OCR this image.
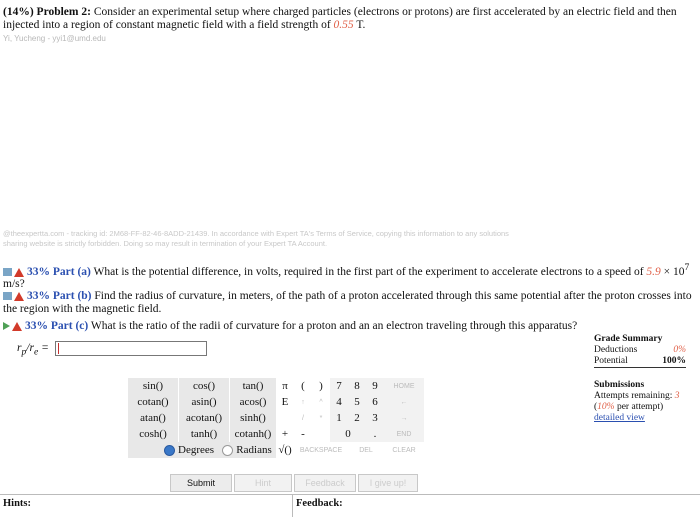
(14%) Problem 2: Consider an experimental setup where charged particles (electrons or protons) are first accelerated by an electric field and then injected into a region of constant magnetic field with a field strength of 0.55 T.
Yi, Yucheng - yyi1@umd.edu
@theexpertta.com - tracking id: 2M68-FF-82-46-8ADD-21439. In accordance with Expert TA's Terms of Service, copying this information to any solutions
sharing website is strictly forbidden. Doing so may result in termination of your Expert TA Account.
33% Part (a) What is the potential difference, in volts, required in the first part of the experiment to accelerate electrons to a speed of $5.9 \times 10^7$
m/s?
33% Part (b) Find the radius of curvature, in meters, of the path of a proton accelerated through this same potential after the proton crosses into the region with the magnetic field.
33% Part (c) What is the ratio of the radii of curvature for a proton and an an electron traveling through this apparatus?
$r_p/r_e$ =
Grade Summary
Deductions	0%
Potential	100%
Submissions
Attempts remaining: 3
(10% per attempt)
detailed view
sin()	cos()	tan()	π	(	)	7	8	9	HOME
cotan()	asin()	acos()	E	↑	^	4	5	6	←
atan()	acotan()	sinh()		/	*	1	2	3	→
cosh()	tanh()	cotanh()	+	-		0		.	END
Degrees Radians			√()	BACKSPACE			DEL		CLEAR
Submit	Hint	Feedback	I give up!
Hints:	Feedback:
